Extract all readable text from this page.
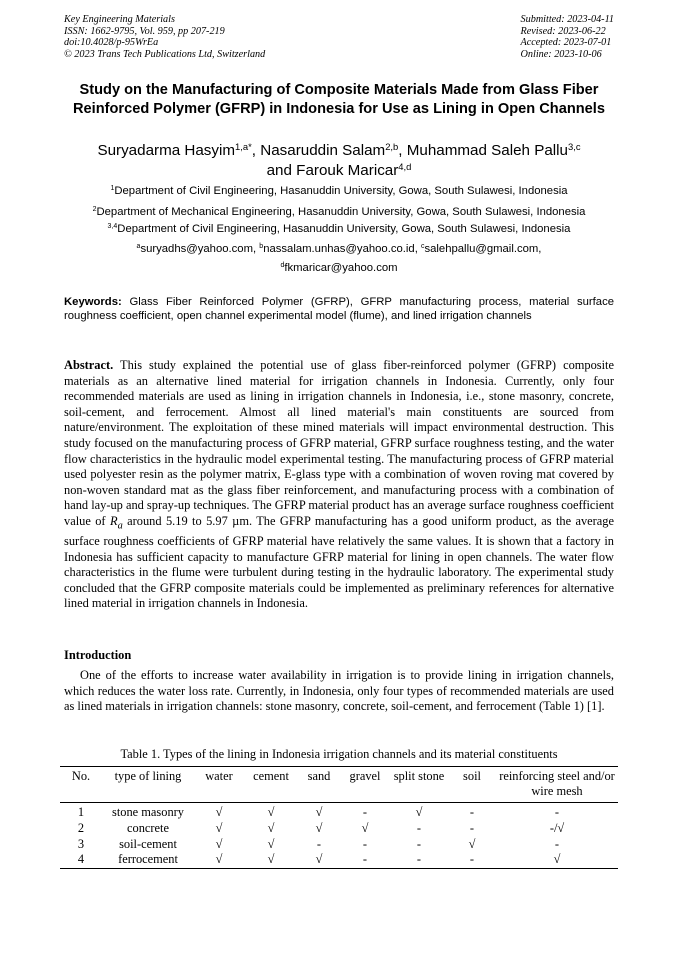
Key Engineering Materials
ISSN: 1662-9795, Vol. 959, pp 207-219
doi:10.4028/p-95WrEa
© 2023 Trans Tech Publications Ltd, Switzerland
Submitted: 2023-04-11
Revised: 2023-06-22
Accepted: 2023-07-01
Online: 2023-10-06
Study on the Manufacturing of Composite Materials Made from Glass Fiber Reinforced Polymer (GFRP) in Indonesia for Use as Lining in Open Channels
Suryadarma Hasyim$^{1,a*}$, Nasaruddin Salam$^{2,b}$, Muhammad Saleh Pallu$^{3,c}$
and Farouk Maricar$^{4,d}$
$^1$Department of Civil Engineering, Hasanuddin University, Gowa, South Sulawesi, Indonesia
$^2$Department of Mechanical Engineering, Hasanuddin University, Gowa, South Sulawesi, Indonesia
$^{3,4}$Department of Civil Engineering, Hasanuddin University, Gowa, South Sulawesi, Indonesia
$^a$suryadhs@yahoo.com, $^b$nassalam.unhas@yahoo.co.id, $^c$salehpallu@gmail.com,
$^d$fkmaricar@yahoo.com
Keywords: Glass Fiber Reinforced Polymer (GFRP), GFRP manufacturing process, material surface roughness coefficient, open channel experimental model (flume), and lined irrigation channels
Abstract. This study explained the potential use of glass fiber-reinforced polymer (GFRP) composite materials as an alternative lined material for irrigation channels in Indonesia. Currently, only four recommended materials are used as lining in irrigation channels in Indonesia, i.e., stone masonry, concrete, soil-cement, and ferrocement. Almost all lined material's main constituents are sourced from nature/environment. The exploitation of these mined materials will impact environmental destruction. This study focused on the manufacturing process of GFRP material, GFRP surface roughness testing, and the water flow characteristics in the hydraulic model experimental testing. The manufacturing process of GFRP material used polyester resin as the polymer matrix, E-glass type with a combination of woven roving mat covered by non-woven standard mat as the glass fiber reinforcement, and manufacturing process with a combination of hand lay-up and spray-up techniques. The GFRP material product has an average surface roughness coefficient value of $R_a$ around 5.19 to 5.97 µm. The GFRP manufacturing has a good uniform product, as the average surface roughness coefficients of GFRP material have relatively the same values. It is shown that a factory in Indonesia has sufficient capacity to manufacture GFRP material for lining in open channels. The water flow characteristics in the flume were turbulent during testing in the hydraulic laboratory. The experimental study concluded that the GFRP composite materials could be implemented as preliminary references for alternative lined material in irrigation channels in Indonesia.
Introduction
One of the efforts to increase water availability in irrigation is to provide lining in irrigation channels, which reduces the water loss rate. Currently, in Indonesia, only four types of recommended materials are used as lined materials in irrigation channels: stone masonry, concrete, soil-cement, and ferrocement (Table 1) [1].
Table 1. Types of the lining in Indonesia irrigation channels and its material constituents
No.	type of lining	water	cement	sand	gravel	split stone	soil	reinforcing steel and/or wire mesh
1	stone masonry	√	√	√	-	√	-	-
2	concrete	√	√	√	√	-	-	-/√
3	soil-cement	√	√	-	-	-	√	-
4	ferrocement	√	√	√	-	-	-	√
